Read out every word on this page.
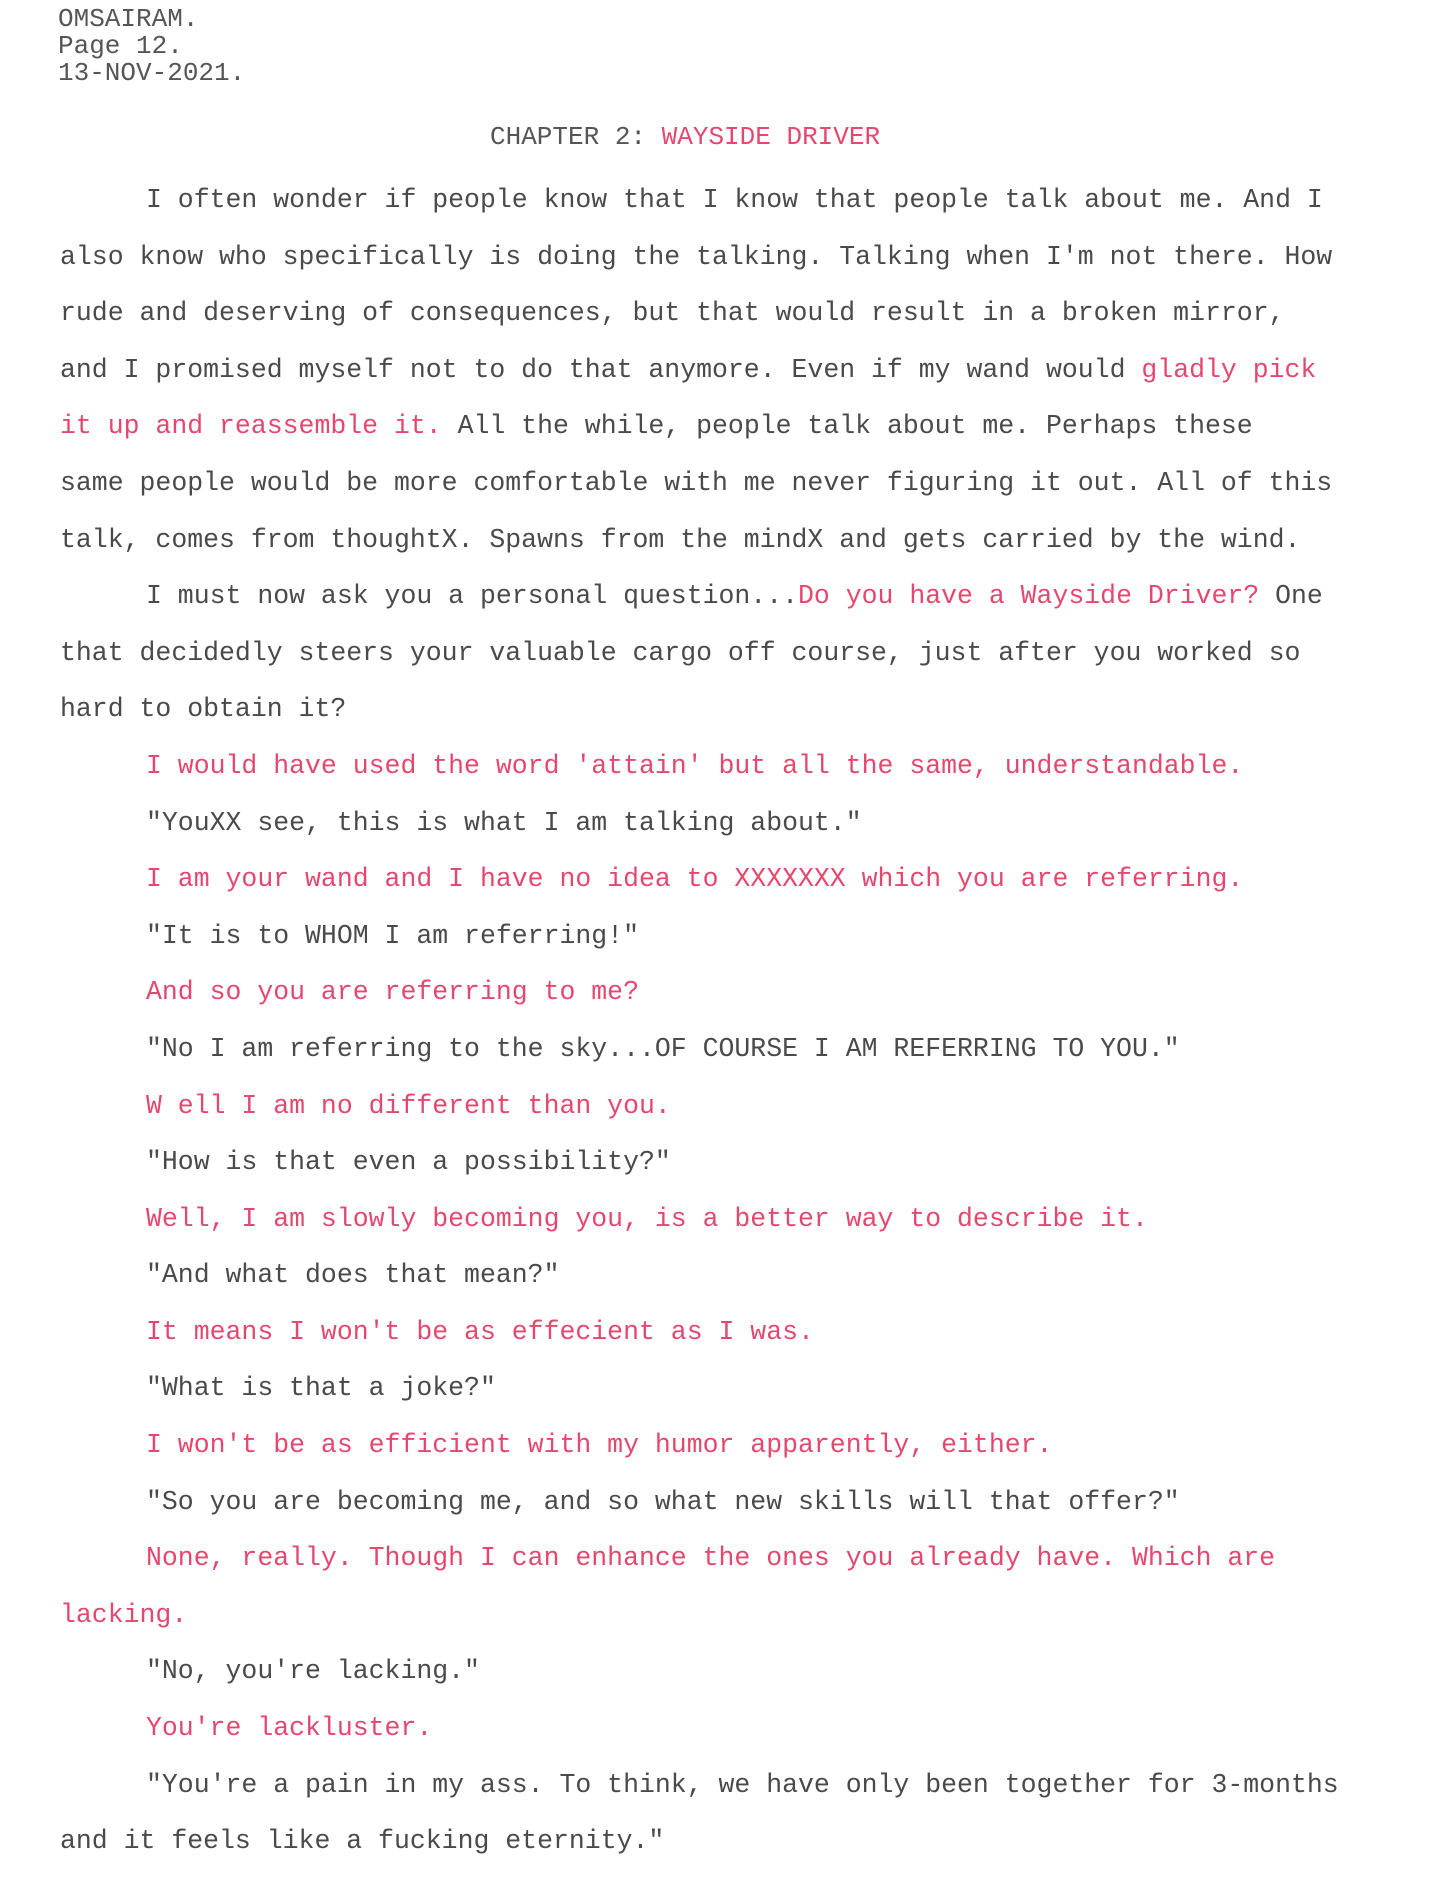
OMSAIRAM.
Page 12.
13-NOV-2021.
CHAPTER 2: WAYSIDE DRIVER

I often wonder if people know that I know that people talk about me. And I

also know who specifically is doing the talking. Talking when I'm not there. How

rude and deserving of consequences, but that would result in a broken mirror,

and I promised myself not to do that anymore. Even if my wand would gladly pick

it up and reassemble it. All the while, people talk about me. Perhaps these

same people would be more comfortable with me never figuring it out. All of this

talk, comes from thoughtX. Spawns from the mindX and gets carried by the wind.

I must now ask you a personal question...Do you have a Wayside Driver? One

that decidedly steers your valuable cargo off course, just after you worked so

hard to obtain it?

I would have used the word 'attain' but all the same, understandable.

"YouXX see, this is what I am talking about."

I am your wand and I have no idea to XXXXXXX which you are referring.

"It is to WHOM I am referring!"

And so you are referring to me?

"No I am referring to the sky...OF COURSE I AM REFERRING TO YOU."

W ell I am no different than you.

"How is that even a possibility?"

Well, I am slowly becoming you, is a better way to describe it.

"And what does that mean?"

It means I won't be as effecient as I was.

"What is that a joke?"

I won't be as efficient with my humor apparently, either.

"So you are becoming me, and so what new skills will that offer?"

None, really. Though I can enhance the ones you already have. Which are

lacking.

"No, you're lacking."

You're lackluster.

"You're a pain in my ass. To think, we have only been together for 3-months

and it feels like a fucking eternity."
